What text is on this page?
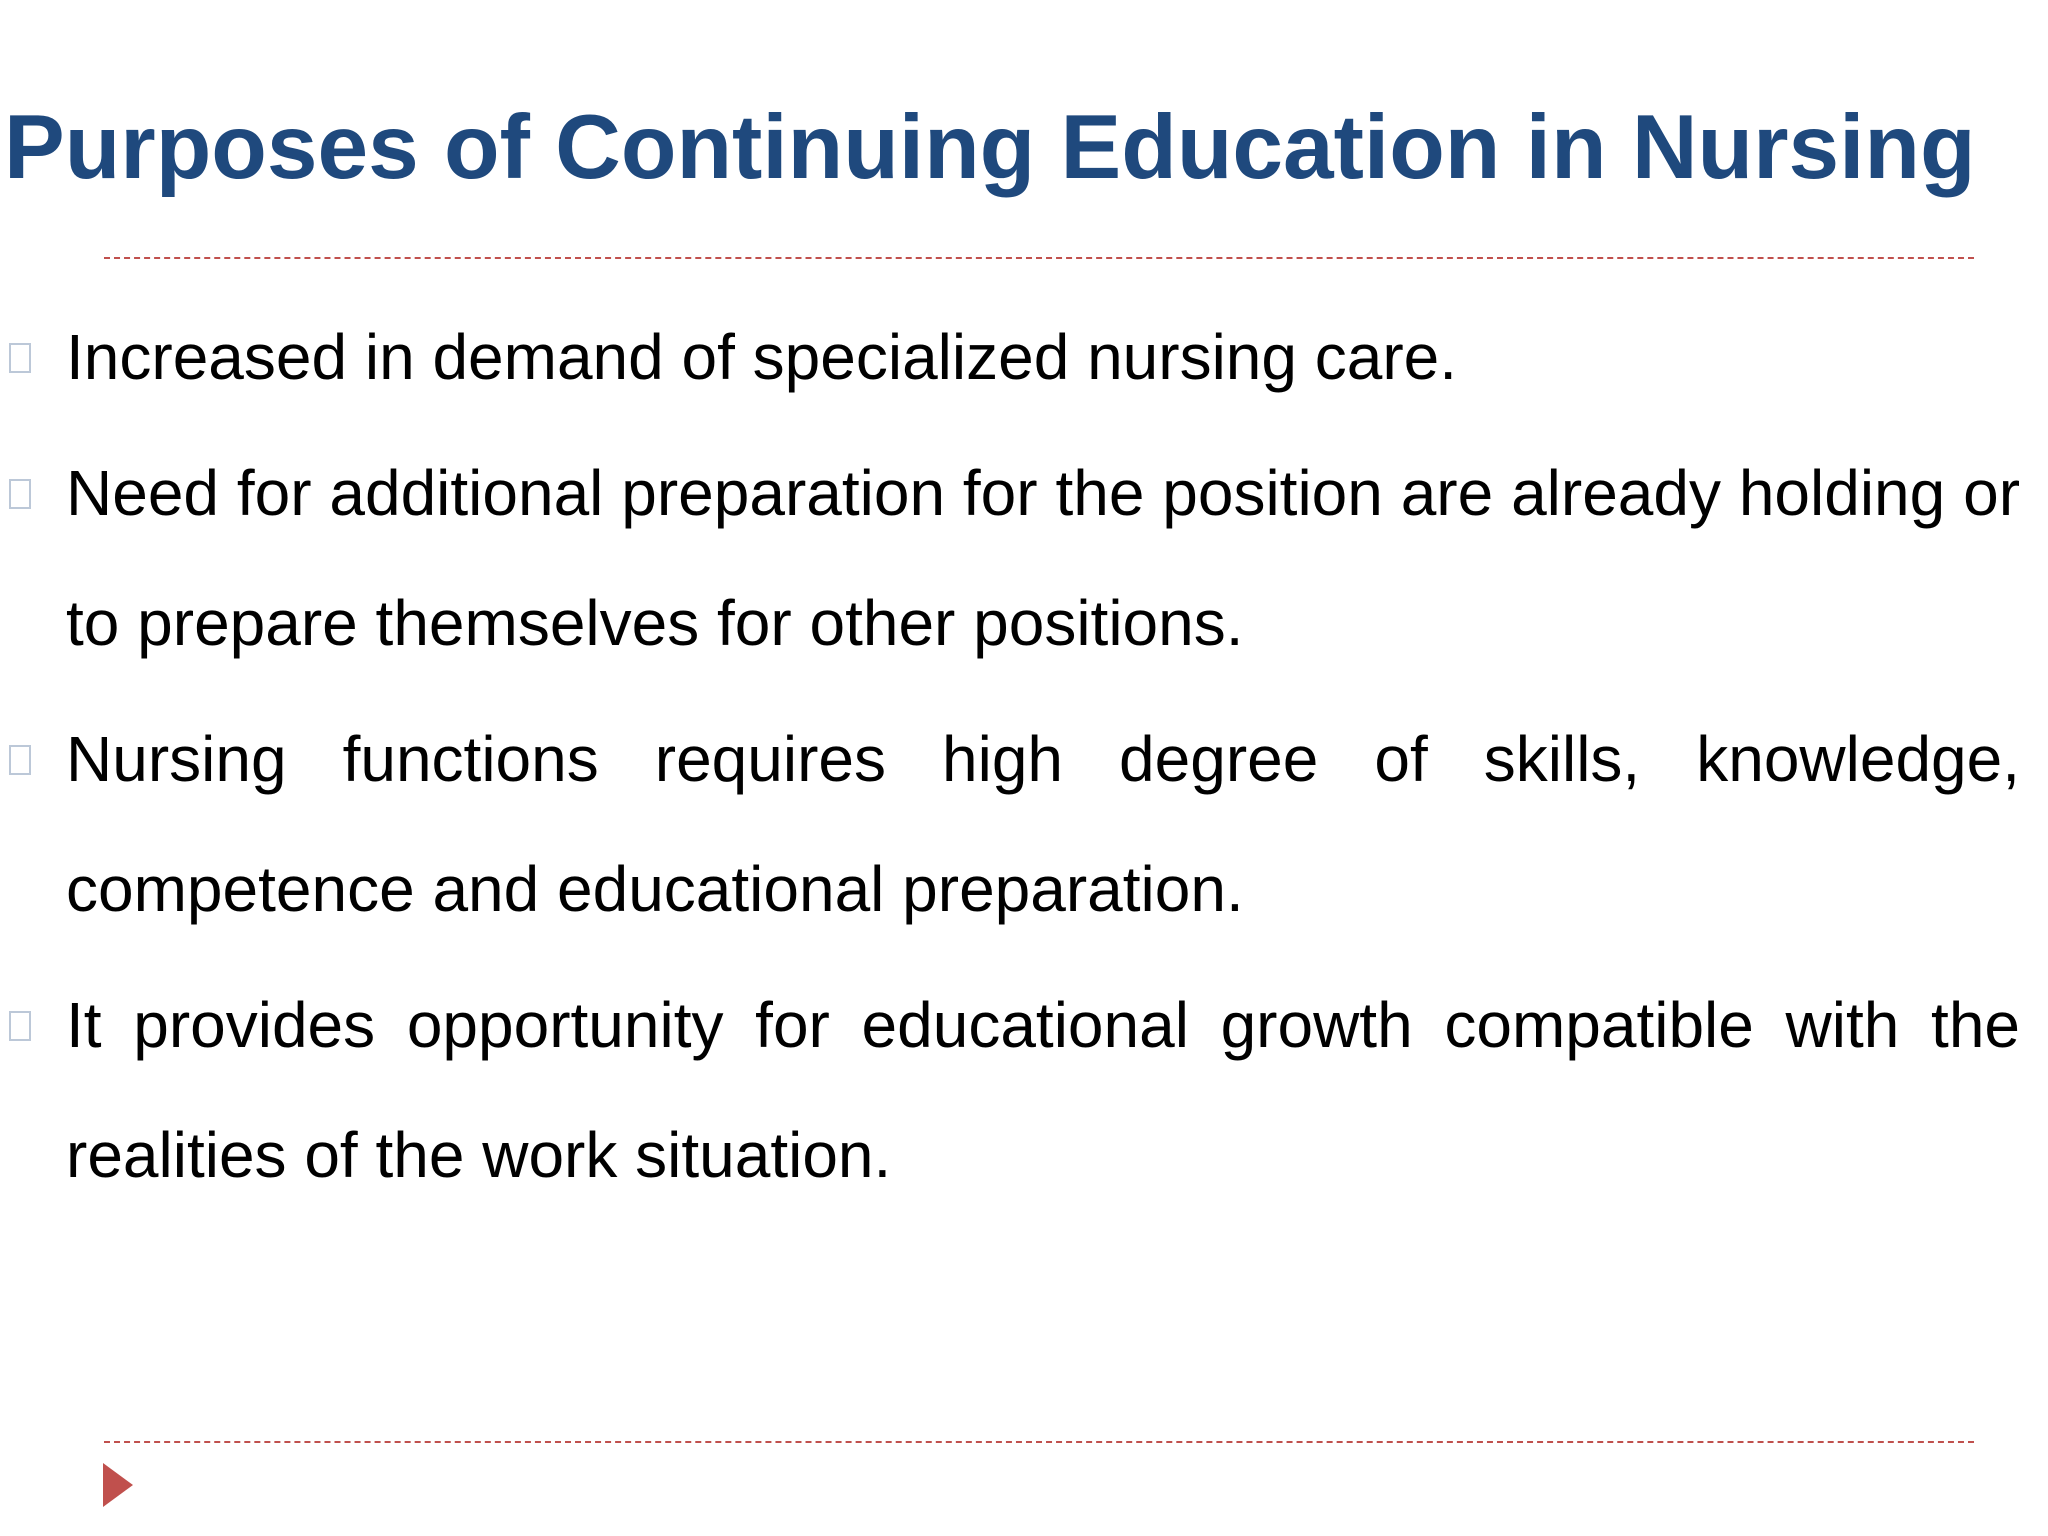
Purposes of Continuing Education in Nursing
Increased in demand of specialized nursing care.
Need for additional preparation for the position are already holding or to prepare themselves for other positions.
Nursing functions requires high degree of skills, knowledge, competence and educational preparation.
It provides opportunity for educational growth compatible with the realities of the work situation.
